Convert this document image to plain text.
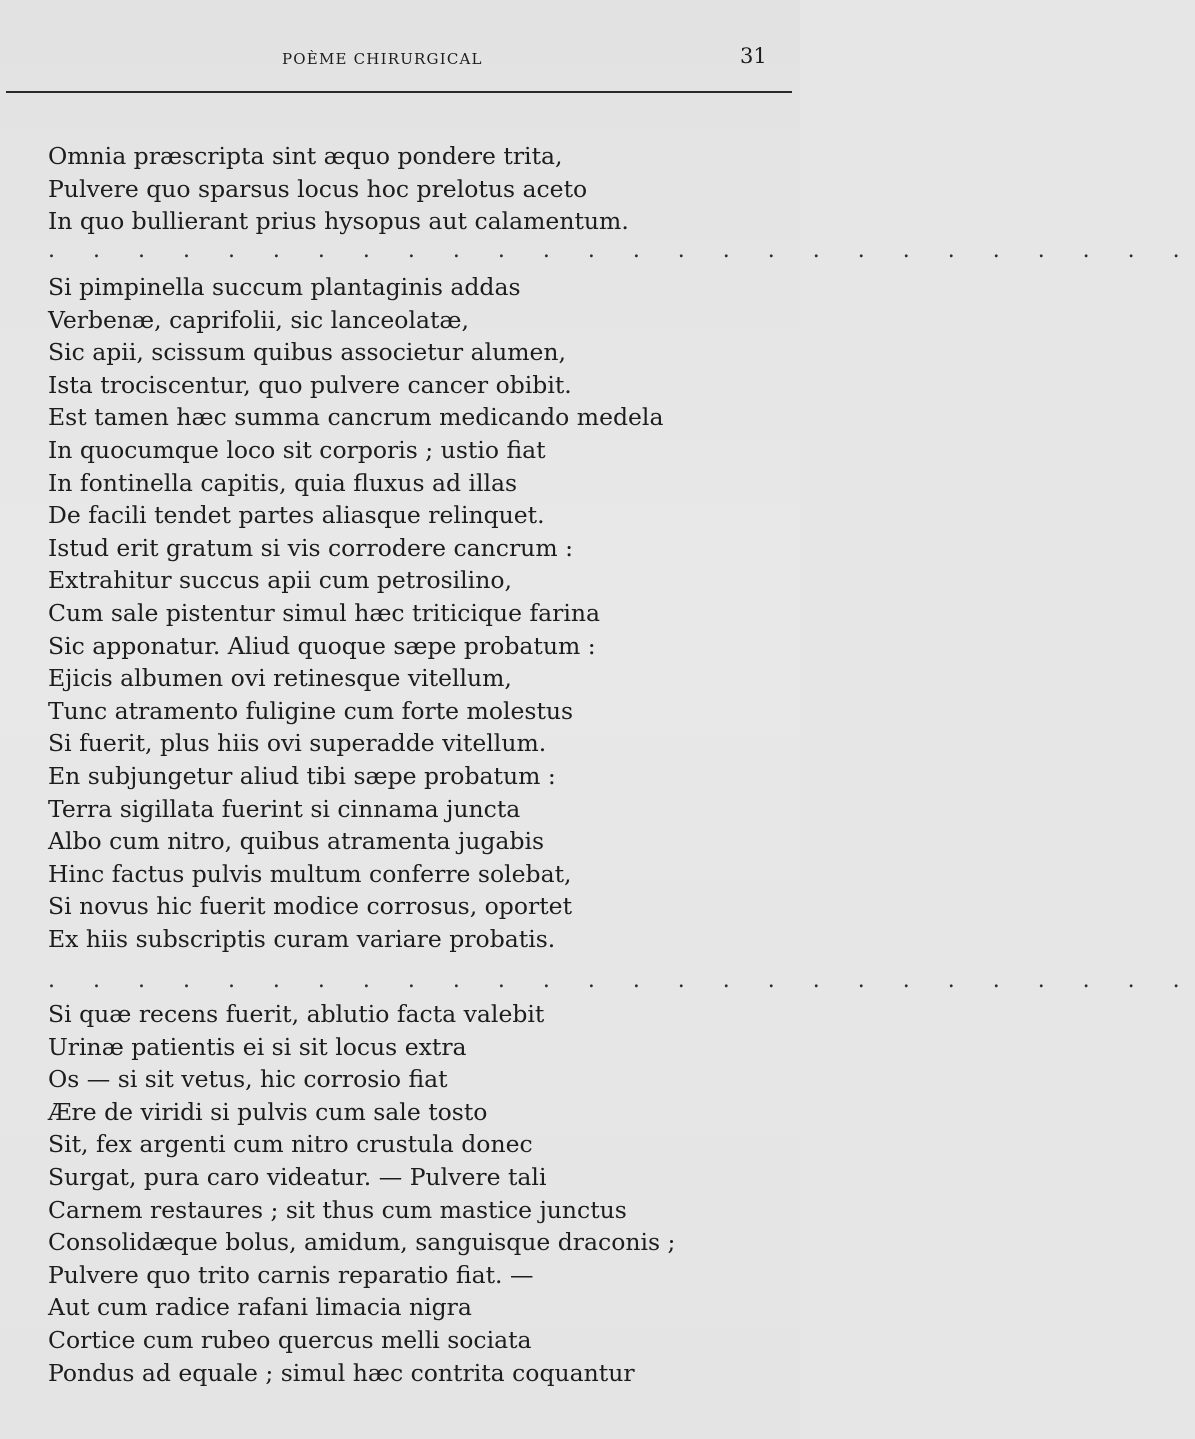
POÈME CHIRURGICAL	31
Omnia præscripta sint æquo pondere trita,
Pulvere quo sparsus locus hoc prelotus aceto
In quo bullierant prius hysopus aut calamentum.
. . . . . . . . . . . . . . . . . . . . . . . . . .
Si pimpinella succum plantaginis addas
Verbenæ, caprifolii, sic lanceolatæ,
Sic apii, scissum quibus associetur alumen,
Ista trociscentur, quo pulvere cancer obibit.
Est tamen hæc summa cancrum medicando medela
In quocumque loco sit corporis ; ustio fiat
In fontinella capitis, quia fluxus ad illas
De facili tendet partes aliasque relinquet.
Istud erit gratum si vis corrodere cancrum :
Extrahitur succus apii cum petrosilino,
Cum sale pistentur simul hæc triticique farina
Sic apponatur. Aliud quoque sæpe probatum :
Ejicis albumen ovi retinesque vitellum,
Tunc atramento fuligine cum forte molestus
Si fuerit, plus hiis ovi superadde vitellum.
En subjungetur aliud tibi sæpe probatum :
Terra sigillata fuerint si cinnama juncta
Albo cum nitro, quibus atramenta jugabis
Hinc factus pulvis multum conferre solebat,
Si novus hic fuerit modice corrosus, oportet
Ex hiis subscriptis curam variare probatis.
. . . . . . . . . . . . . . . . . . . . . . . . . .
Si quæ recens fuerit, ablutio facta valebit
Urinæ patientis ei si sit locus extra
Os — si sit vetus, hic corrosio fiat
Ære de viridi si pulvis cum sale tosto
Sit, fex argenti cum nitro crustula donec
Surgat, pura caro videatur. — Pulvere tali
Carnem restaures ; sit thus cum mastice junctus
Consolidæque bolus, amidum, sanguisque draconis ;
Pulvere quo trito carnis reparatio fiat. —
Aut cum radice rafani limacia nigra
Cortice cum rubeo quercus melli sociata
Pondus ad equale ; simul hæc contrita coquantur
